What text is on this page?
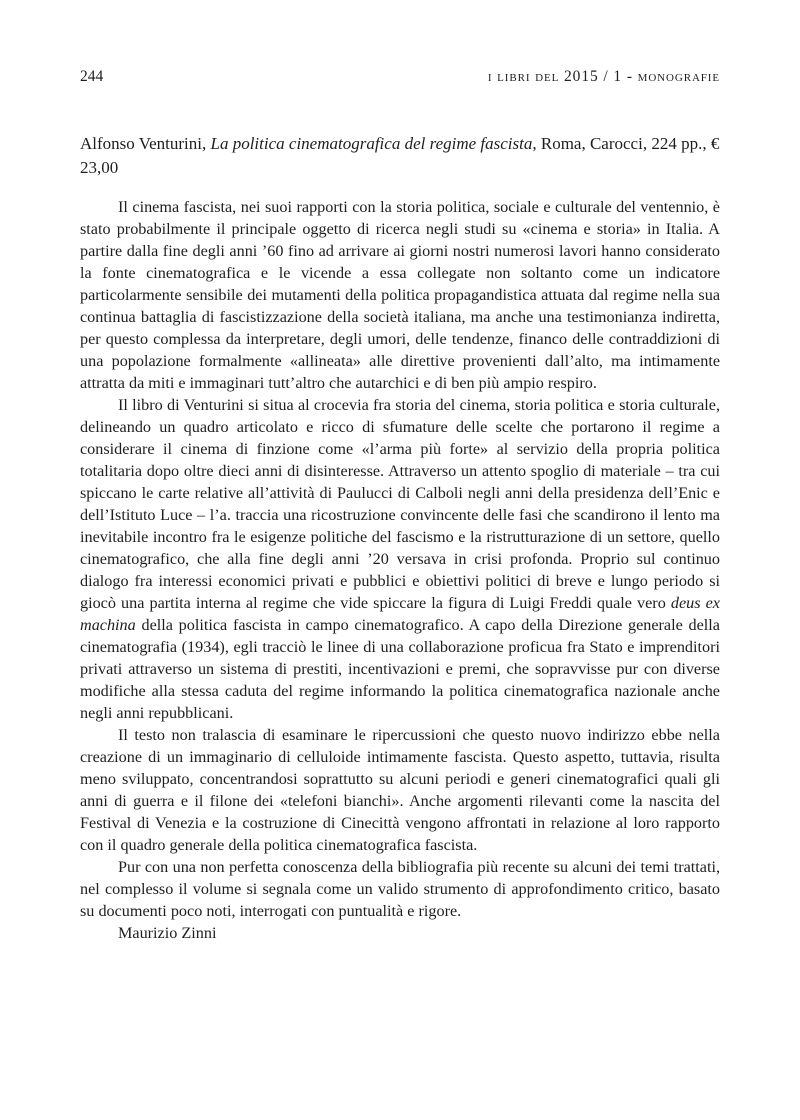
244	i libri del 2015 / 1 - monografie
Alfonso Venturini, La politica cinematografica del regime fascista, Roma, Carocci, 224 pp., € 23,00

Il cinema fascista, nei suoi rapporti con la storia politica, sociale e culturale del ventennio, è stato probabilmente il principale oggetto di ricerca negli studi su «cinema e storia» in Italia. A partire dalla fine degli anni ’60 fino ad arrivare ai giorni nostri numerosi lavori hanno considerato la fonte cinematografica e le vicende a essa collegate non soltanto come un indicatore particolarmente sensibile dei mutamenti della politica propagandistica attuata dal regime nella sua continua battaglia di fascistizzazione della società italiana, ma anche una testimonianza indiretta, per questo complessa da interpretare, degli umori, delle tendenze, financo delle contraddizioni di una popolazione formalmente «allineata» alle direttive provenienti dall’alto, ma intimamente attratta da miti e immaginari tutt’altro che autarchici e di ben più ampio respiro.

Il libro di Venturini si situa al crocevia fra storia del cinema, storia politica e storia culturale, delineando un quadro articolato e ricco di sfumature delle scelte che portarono il regime a considerare il cinema di finzione come «l’arma più forte» al servizio della propria politica totalitaria dopo oltre dieci anni di disinteresse. Attraverso un attento spoglio di materiale – tra cui spiccano le carte relative all’attività di Paulucci di Calboli negli anni della presidenza dell’Enic e dell’Istituto Luce – l’a. traccia una ricostruzione convincente delle fasi che scandirono il lento ma inevitabile incontro fra le esigenze politiche del fascismo e la ristrutturazione di un settore, quello cinematografico, che alla fine degli anni ’20 versava in crisi profonda. Proprio sul continuo dialogo fra interessi economici privati e pubblici e obiettivi politici di breve e lungo periodo si giocò una partita interna al regime che vide spiccare la figura di Luigi Freddi quale vero deus ex machina della politica fascista in campo cinematografico. A capo della Direzione generale della cinematografia (1934), egli tracciò le linee di una collaborazione proficua fra Stato e imprenditori privati attraverso un sistema di prestiti, incentivazioni e premi, che sopravvisse pur con diverse modifiche alla stessa caduta del regime informando la politica cinematografica nazionale anche negli anni repubblicani.

Il testo non tralascia di esaminare le ripercussioni che questo nuovo indirizzo ebbe nella creazione di un immaginario di celluloide intimamente fascista. Questo aspetto, tuttavia, risulta meno sviluppato, concentrandosi soprattutto su alcuni periodi e generi cinematografici quali gli anni di guerra e il filone dei «telefoni bianchi». Anche argomenti rilevanti come la nascita del Festival di Venezia e la costruzione di Cinecittà vengono affrontati in relazione al loro rapporto con il quadro generale della politica cinematografica fascista.

Pur con una non perfetta conoscenza della bibliografia più recente su alcuni dei temi trattati, nel complesso il volume si segnala come un valido strumento di approfondimento critico, basato su documenti poco noti, interrogati con puntualità e rigore.

Maurizio Zinni
